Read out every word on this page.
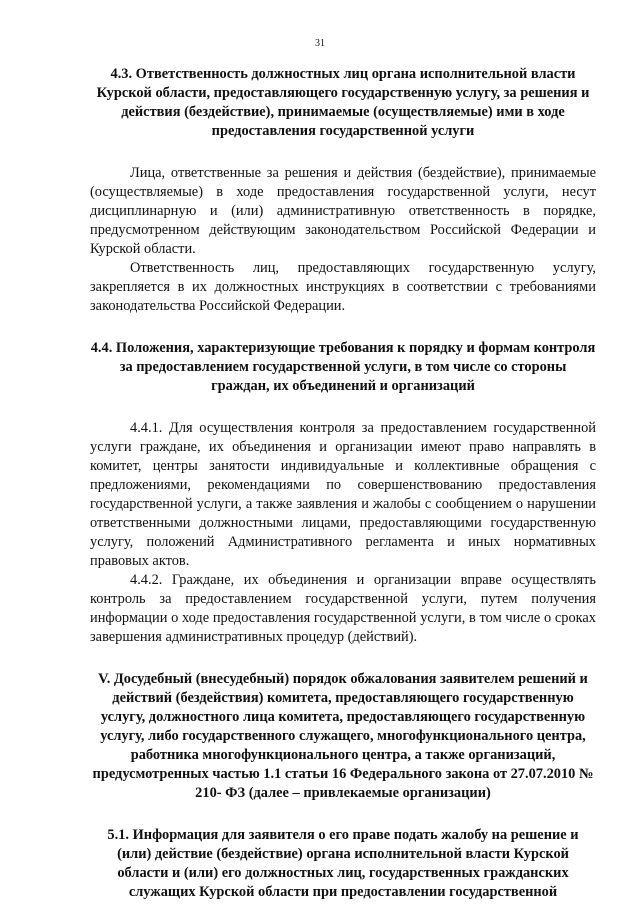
31

4.3. Ответственность должностных лиц органа исполнительной власти Курской области, предоставляющего государственную услугу, за решения и действия (бездействие), принимаемые (осуществляемые) ими в ходе предоставления государственной услуги

Лица, ответственные за решения и действия (бездействие), принимаемые (осуществляемые) в ходе предоставления государственной услуги, несут дисциплинарную и (или) административную ответственность в порядке, предусмотренном действующим законодательством Российской Федерации и Курской области.

Ответственность лиц, предоставляющих государственную услугу, закрепляется в их должностных инструкциях в соответствии с требованиями законодательства Российской Федерации.

4.4. Положения, характеризующие требования к порядку и формам контроля за предоставлением государственной услуги, в том числе со стороны граждан, их объединений и организаций

4.4.1. Для осуществления контроля за предоставлением государственной услуги граждане, их объединения и организации имеют право направлять в комитет, центры занятости индивидуальные и коллективные обращения с предложениями, рекомендациями по совершенствованию предоставления государственной услуги, а также заявления и жалобы с сообщением о нарушении ответственными должностными лицами, предоставляющими государственную услугу, положений Административного регламента и иных нормативных правовых актов.

4.4.2. Граждане, их объединения и организации вправе осуществлять контроль за предоставлением государственной услуги, путем получения информации о ходе предоставления государственной услуги, в том числе о сроках завершения административных процедур (действий).

V. Досудебный (внесудебный) порядок обжалования заявителем решений и действий (бездействия) комитета, предоставляющего государственную услугу, должностного лица комитета, предоставляющего государственную услугу, либо государственного служащего, многофункционального центра, работника многофункционального центра, а также организаций, предусмотренных частью 1.1 статьи 16 Федерального закона от 27.07.2010 № 210- ФЗ (далее – привлекаемые организации)

5.1. Информация для заявителя о его праве подать жалобу на решение и (или) действие (бездействие) органа исполнительной власти Курской области и (или) его должностных лиц, государственных гражданских служащих Курской области при предоставлении государственной
